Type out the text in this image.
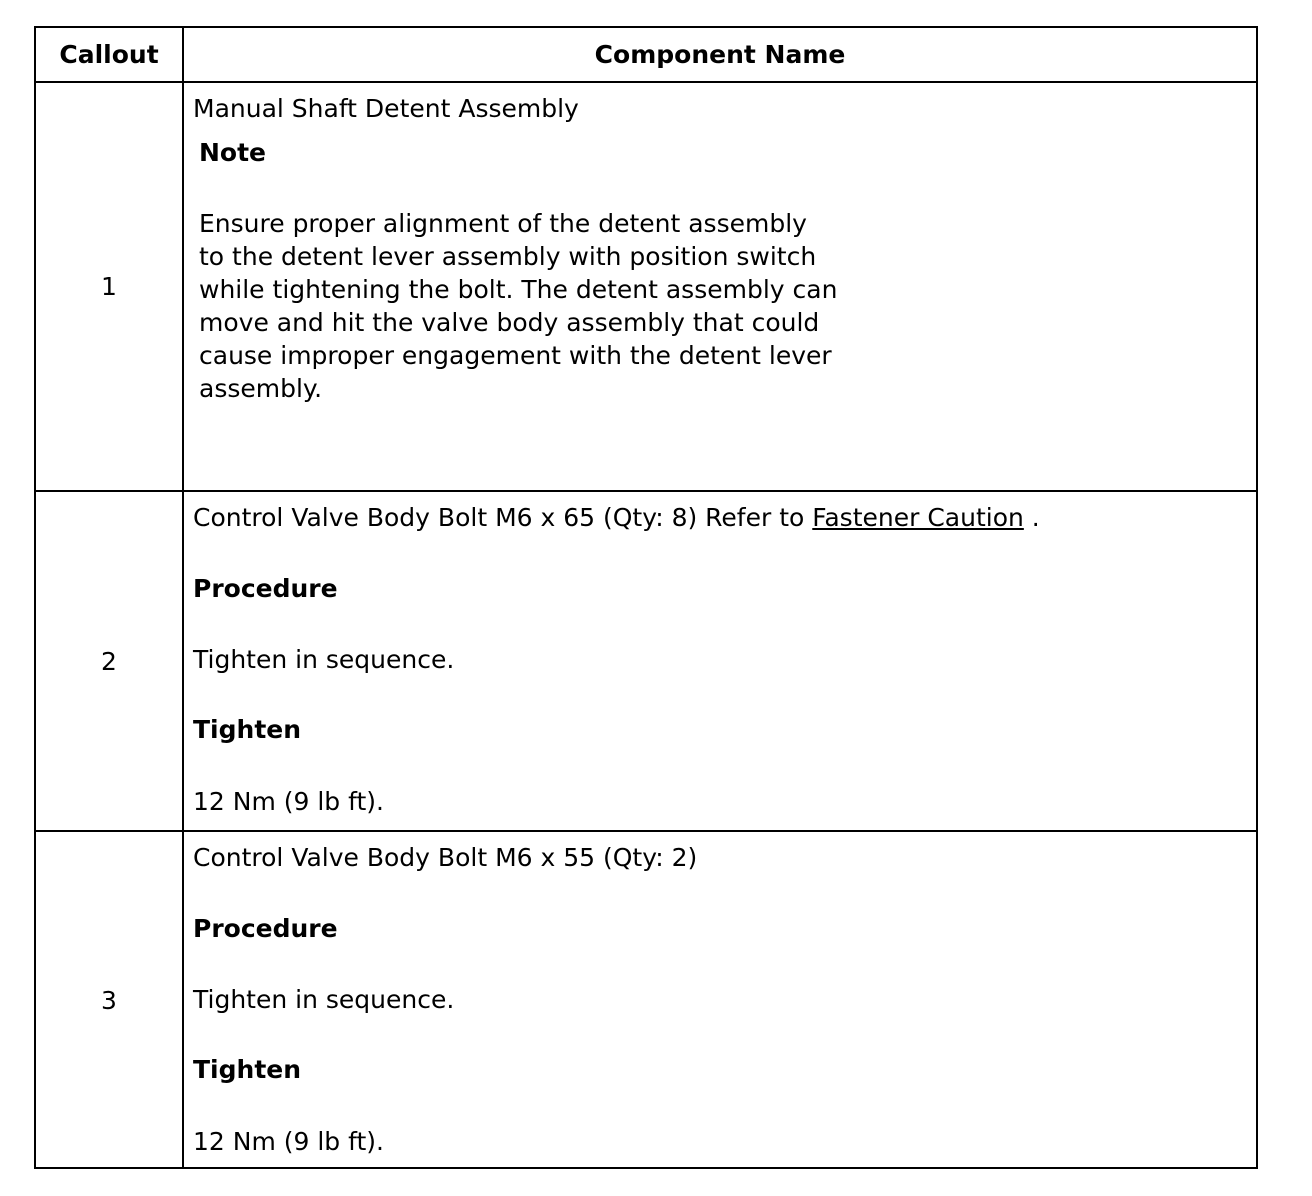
Callout	Component Name
1
Manual Shaft Detent Assembly
Note
Ensure proper alignment of the detent assembly to the detent lever assembly with position switch while tightening the bolt. The detent assembly can move and hit the valve body assembly that could cause improper engagement with the detent lever assembly.
2
Control Valve Body Bolt M6 x 65 (Qty: 8) Refer to Fastener Caution .
Procedure
Tighten in sequence.
Tighten
12 Nm (9 lb ft).
3
Control Valve Body Bolt M6 x 55 (Qty: 2)
Procedure
Tighten in sequence.
Tighten
12 Nm (9 lb ft).
